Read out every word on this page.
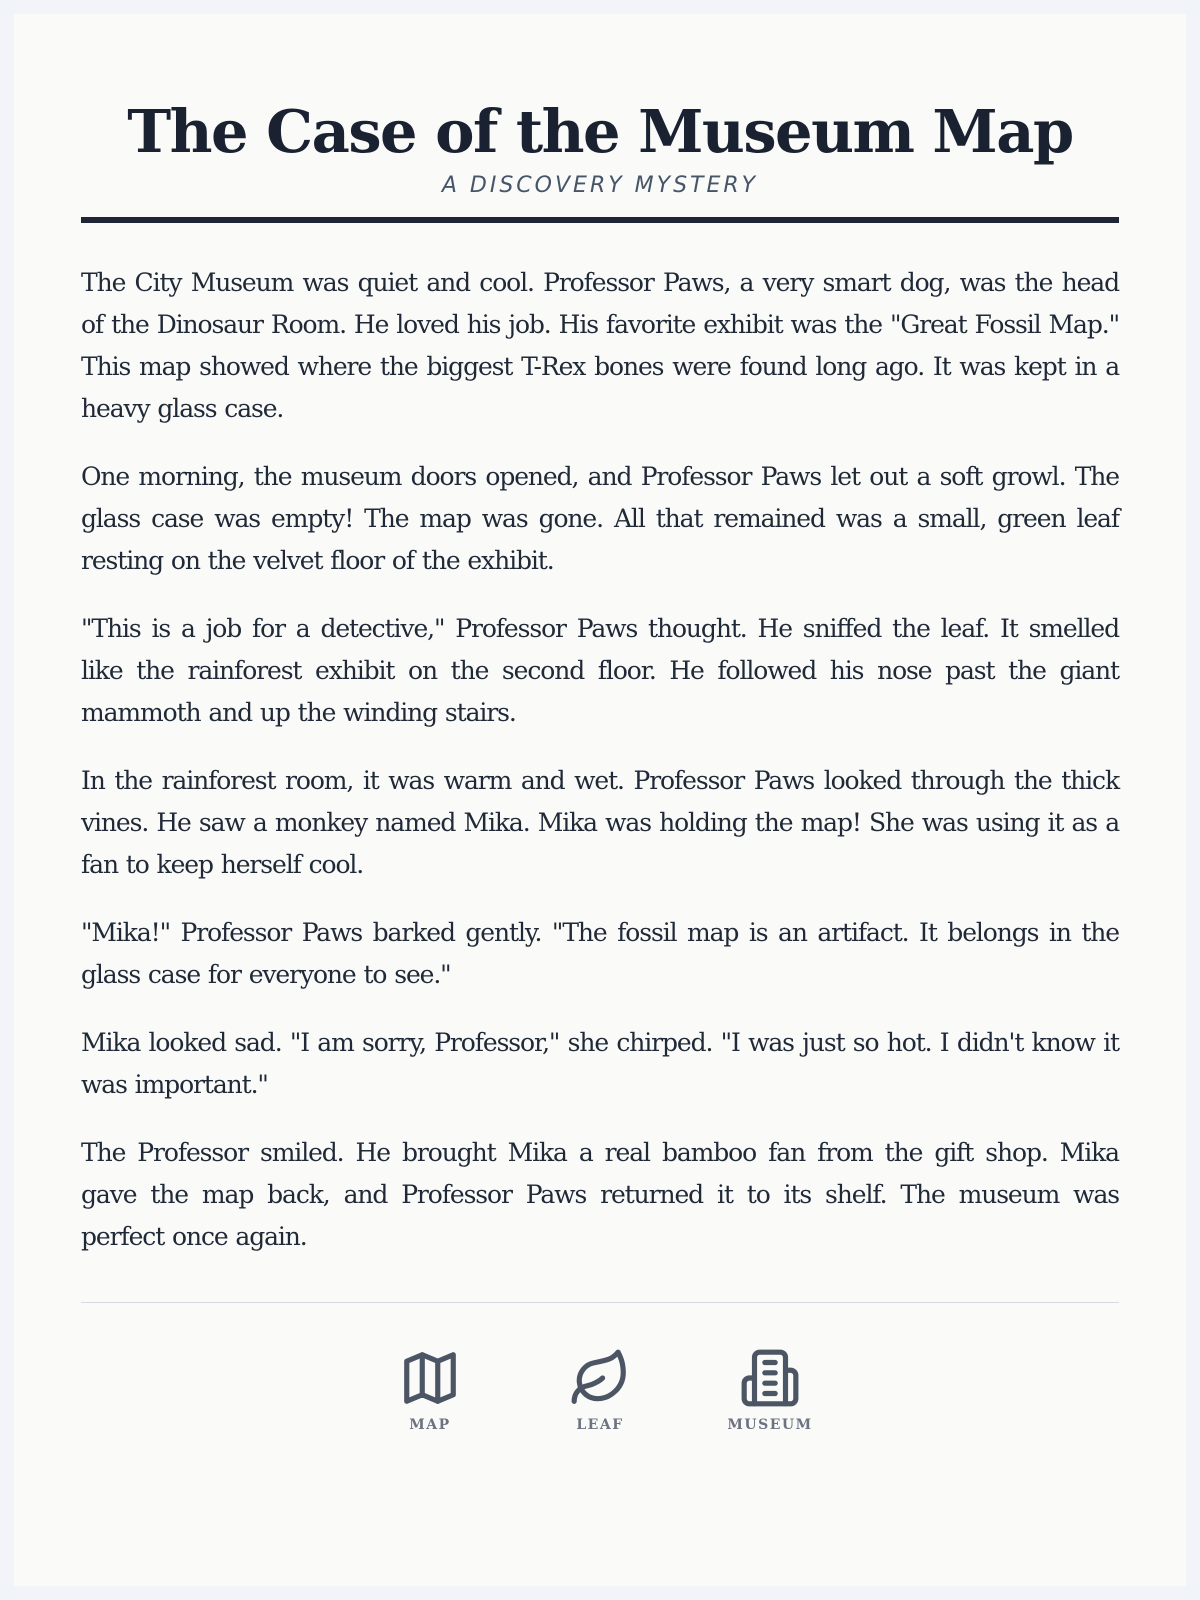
The Case of the Museum Map
A DISCOVERY MYSTERY

The City Museum was quiet and cool. Professor Paws, a very smart dog, was the head of the Dinosaur Room. He loved his job. His favorite exhibit was the "Great Fossil Map." This map showed where the biggest T-Rex bones were found long ago. It was kept in a heavy glass case.

One morning, the museum doors opened, and Professor Paws let out a soft growl. The glass case was empty! The map was gone. All that remained was a small, green leaf resting on the velvet floor of the exhibit.

"This is a job for a detective," Professor Paws thought. He sniffed the leaf. It smelled like the rainforest exhibit on the second floor. He followed his nose past the giant mammoth and up the winding stairs.

In the rainforest room, it was warm and wet. Professor Paws looked through the thick vines. He saw a monkey named Mika. Mika was holding the map! She was using it as a fan to keep herself cool.

"Mika!" Professor Paws barked gently. "The fossil map is an artifact. It belongs in the glass case for everyone to see."

Mika looked sad. "I am sorry, Professor," she chirped. "I was just so hot. I didn't know it was important."

The Professor smiled. He brought Mika a real bamboo fan from the gift shop. Mika gave the map back, and Professor Paws returned it to its shelf. The museum was perfect once again.

MAP	LEAF	MUSEUM
